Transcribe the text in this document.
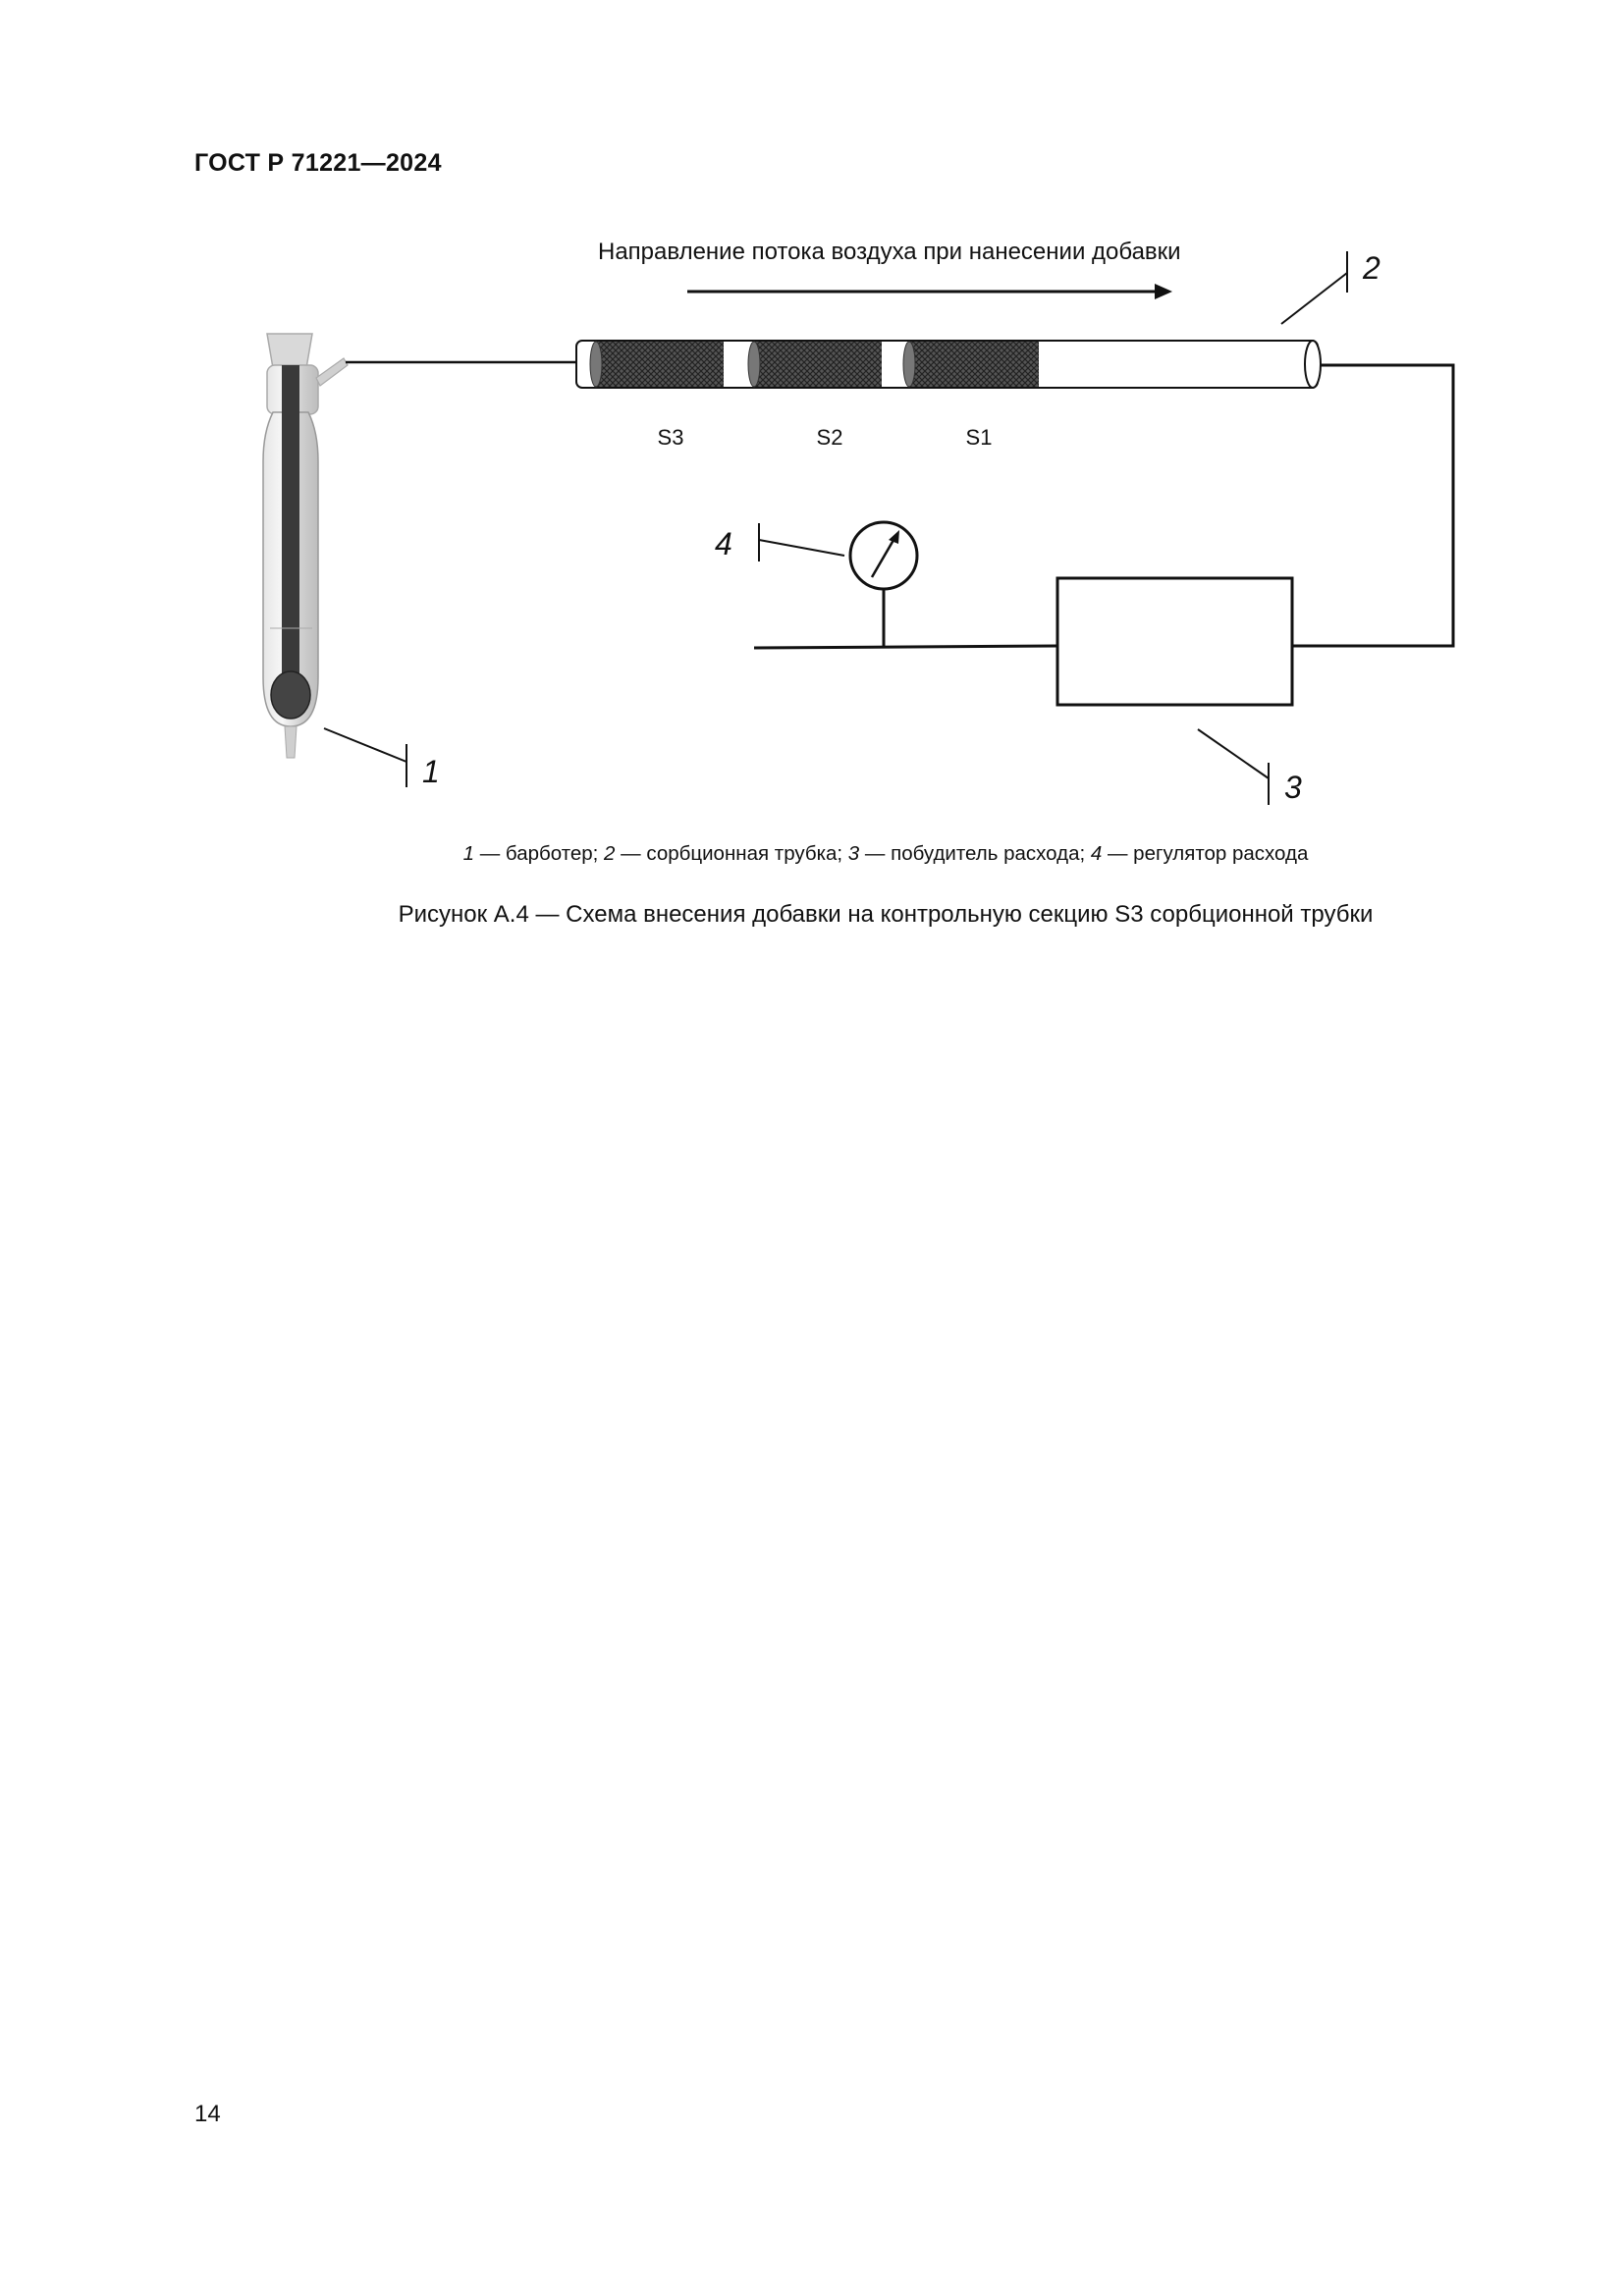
ГОСТ Р 71221—2024
Направление потока воздуха при нанесении добавки
S3	S2	S1
1
2
3
4
1 — барботер; 2 — сорбционная трубка; 3 — побудитель расхода; 4 — регулятор расхода
Рисунок А.4 — Схема внесения добавки на контрольную секцию S3 сорбционной трубки
14
